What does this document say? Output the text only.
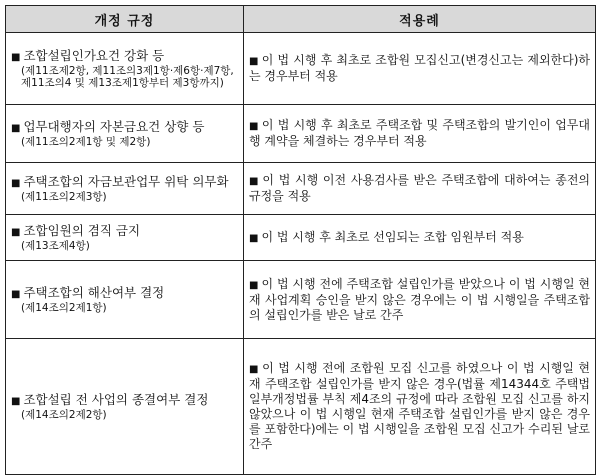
개정 규정	적용례

■ 조합설립인가요건 강화 등
(제11조제2항, 제11조의3제1항·제6항·제7항, 제11조의4 및 제13조제1항부터 제3항까지)	■ 이 법 시행 후 최초로 조합원 모집신고(변경신고는 제외한다)하는 경우부터 적용

■ 업무대행자의 자본금요건 상향 등
(제11조의2제1항 및 제2항)	■ 이 법 시행 후 최초로 주택조합 및 주택조합의 발기인이 업무대행 계약을 체결하는 경우부터 적용

■ 주택조합의 자금보관업무 위탁 의무화
(제11조의2제3항)	■ 이 법 시행 이전 사용검사를 받은 주택조합에 대하여는 종전의 규정을 적용

■ 조합임원의 겸직 금지
(제13조제4항)	■ 이 법 시행 후 최초로 선임되는 조합 임원부터 적용

■ 주택조합의 해산여부 결정
(제14조의2제1항)	■ 이 법 시행 전에 주택조합 설립인가를 받았으나 이 법 시행일 현재 사업계획 승인을 받지 않은 경우에는 이 법 시행일을 주택조합의 설립인가를 받은 날로 간주

■ 조합설립 전 사업의 종결여부 결정
(제14조의2제2항)	■ 이 법 시행 전에 조합원 모집 신고를 하였으나 이 법 시행일 현재 주택조합 설립인가를 받지 않은 경우(법률 제14344호 주택법 일부개정법률 부칙 제4조의 규정에 따라 조합원 모집 신고를 하지 않았으나 이 법 시행일 현재 주택조합 설립인가를 받지 않은 경우를 포함한다)에는 이 법 시행일을 조합원 모집 신고가 수리된 날로 간주
